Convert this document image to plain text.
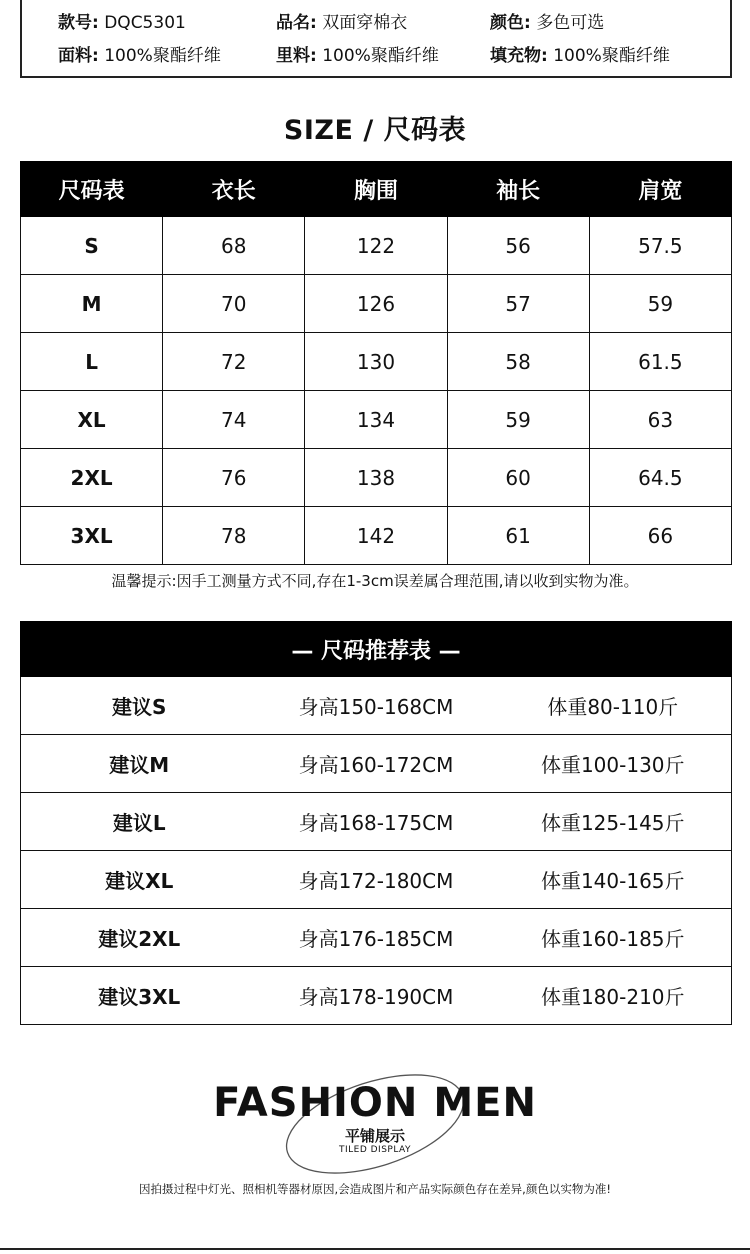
款号: DQC5301	品名: 双面穿棉衣	颜色: 多色可选
面料: 100%聚酯纤维	里料: 100%聚酯纤维	填充物: 100%聚酯纤维
SIZE / 尺码表
尺码表	衣长	胸围	袖长	肩宽
S	68	122	56	57.5
M	70	126	57	59
L	72	130	58	61.5
XL	74	134	59	63
2XL	76	138	60	64.5
3XL	78	142	61	66
温馨提示:因手工测量方式不同,存在1-3cm误差属合理范围,请以收到实物为准。
— 尺码推荐表 —		
建议S	身高150-168CM	体重80-110斤
建议M	身高160-172CM	体重100-130斤
建议L	身高168-175CM	体重125-145斤
建议XL	身高172-180CM	体重140-165斤
建议2XL	身高176-185CM	体重160-185斤
建议3XL	身高178-190CM	体重180-210斤
FASHION MEN
平铺展示
TILED DISPLAY
因拍摄过程中灯光、照相机等器材原因,会造成图片和产品实际颜色存在差异,颜色以实物为准!
